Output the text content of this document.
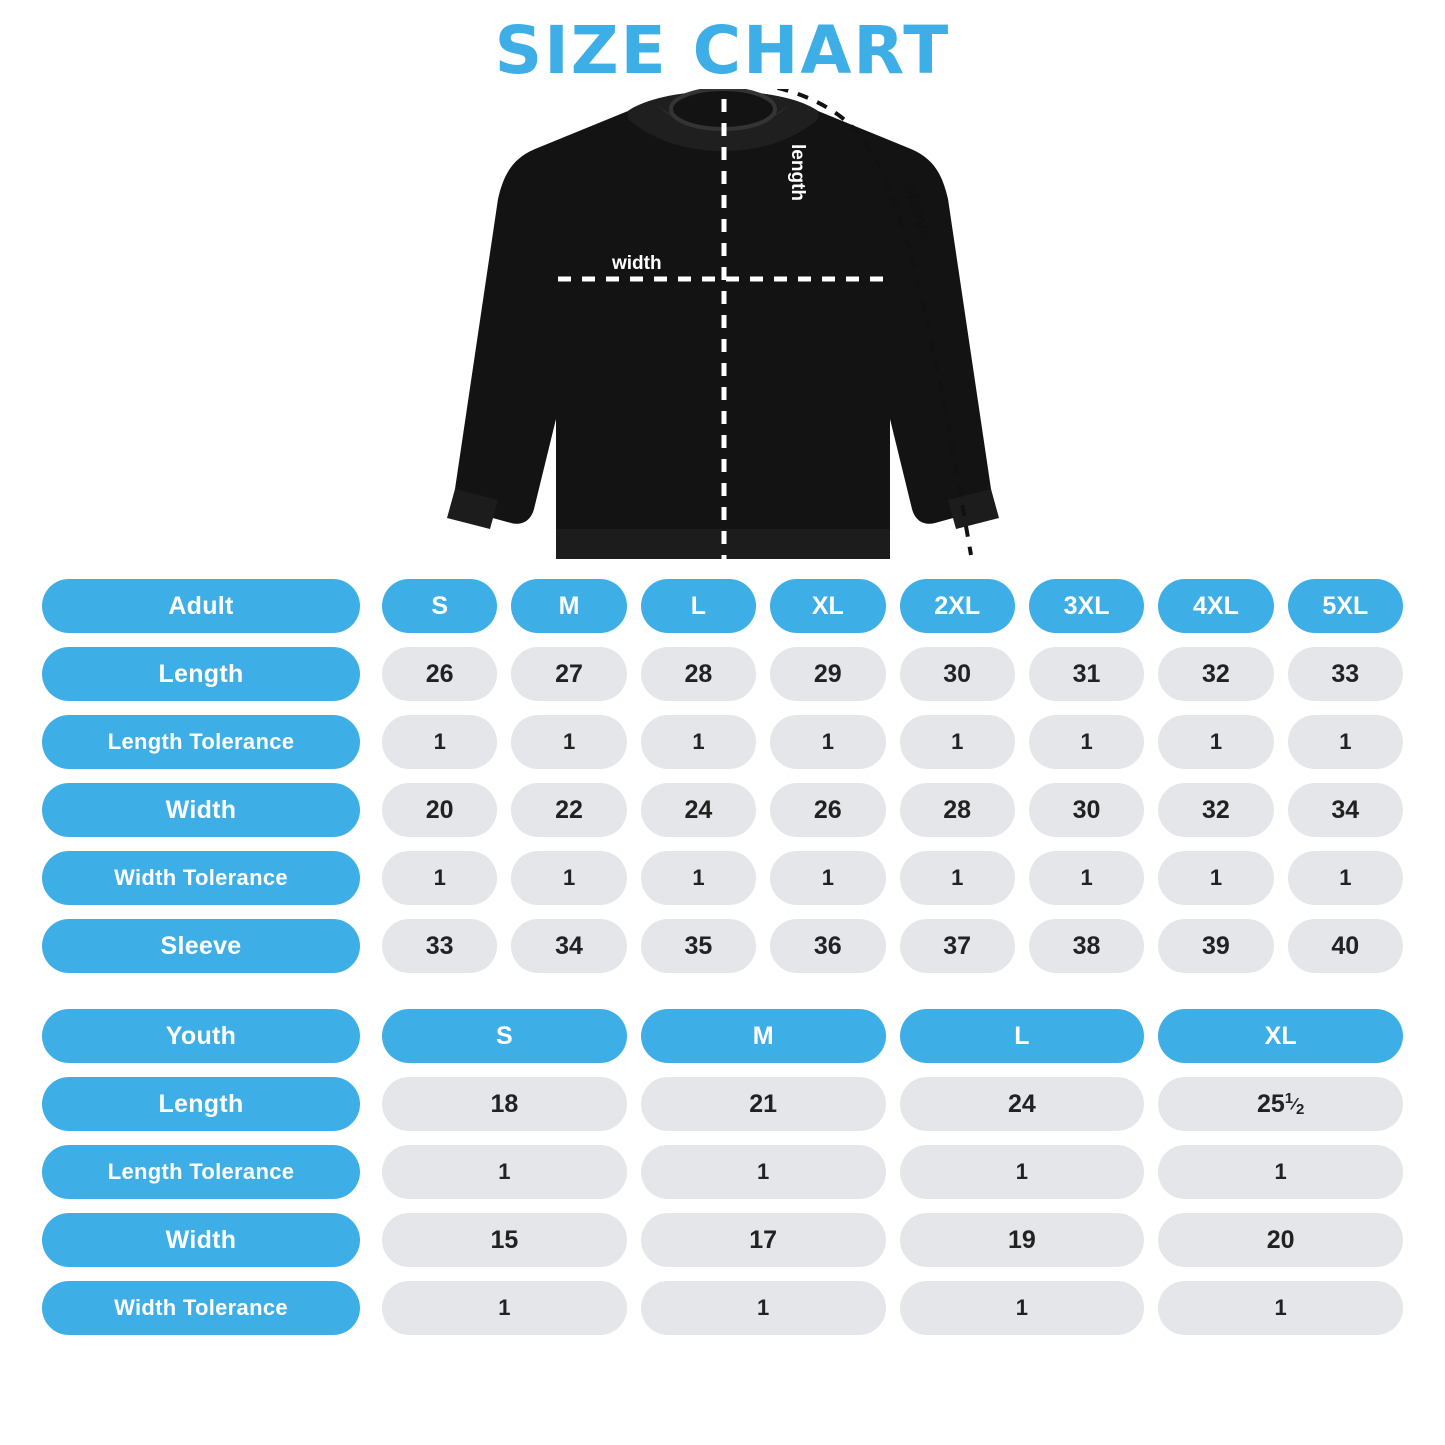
SIZE CHART
width
length
sleeve
Adult	S	M	L	XL	2XL	3XL	4XL	5XL
Length	26	27	28	29	30	31	32	33
Length Tolerance	1	1	1	1	1	1	1	1
Width	20	22	24	26	28	30	32	34
Width Tolerance	1	1	1	1	1	1	1	1
Sleeve	33	34	35	36	37	38	39	40
Youth	S	M	L	XL
Length	18	21	24	25 $^1⁄_2$
Length Tolerance	1	1	1	1
Width	15	17	19	20
Width Tolerance	1	1	1	1
